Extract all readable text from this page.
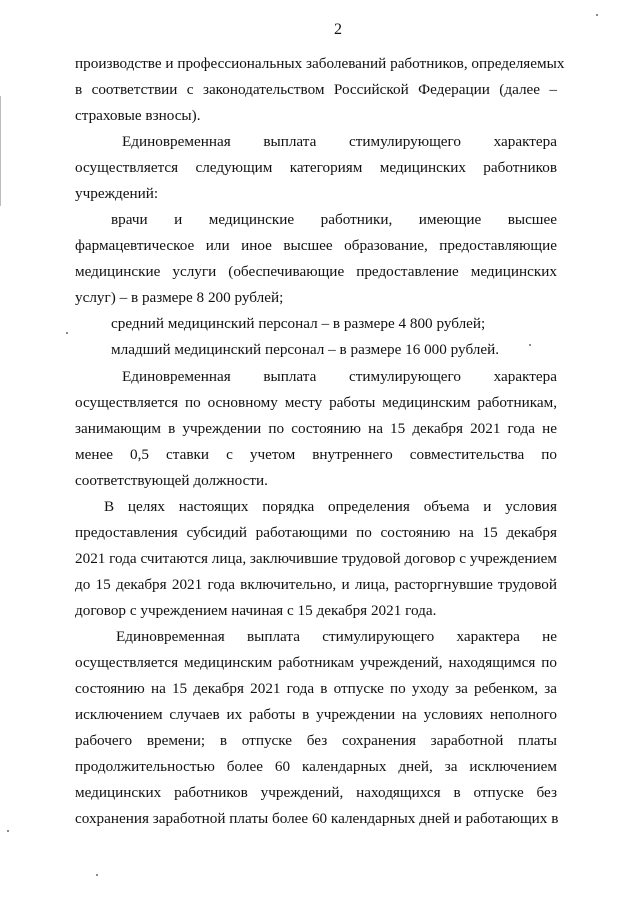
2
производстве и профессиональных заболеваний работников, определяемых
в соответствии с законодательством Российской Федерации (далее –
страховые взносы).
Единовременная выплата стимулирующего характера
осуществляется следующим категориям медицинских работников
учреждений:
врачи и медицинские работники, имеющие высшее
фармацевтическое или иное высшее образование, предоставляющие
медицинские услуги (обеспечивающие предоставление медицинских
услуг) – в размере 8 200 рублей;
средний медицинский персонал – в размере 4 800 рублей;
младший медицинский персонал – в размере 16 000 рублей.
Единовременная выплата стимулирующего характера
осуществляется по основному месту работы медицинским работникам,
занимающим в учреждении по состоянию на 15 декабря 2021 года не
менее 0,5 ставки с учетом внутреннего совместительства по
соответствующей должности.
В целях настоящих порядка определения объема и условия
предоставления субсидий работающими по состоянию на 15 декабря
2021 года считаются лица, заключившие трудовой договор с учреждением
до 15 декабря 2021 года включительно, и лица, расторгнувшие трудовой
договор с учреждением начиная с 15 декабря 2021 года.
Единовременная выплата стимулирующего характера не
осуществляется медицинским работникам учреждений, находящимся по
состоянию на 15 декабря 2021 года в отпуске по уходу за ребенком, за
исключением случаев их работы в учреждении на условиях неполного
рабочего времени; в отпуске без сохранения заработной платы
продолжительностью более 60 календарных дней, за исключением
медицинских работников учреждений, находящихся в отпуске без
сохранения заработной платы более 60 календарных дней и работающих в
